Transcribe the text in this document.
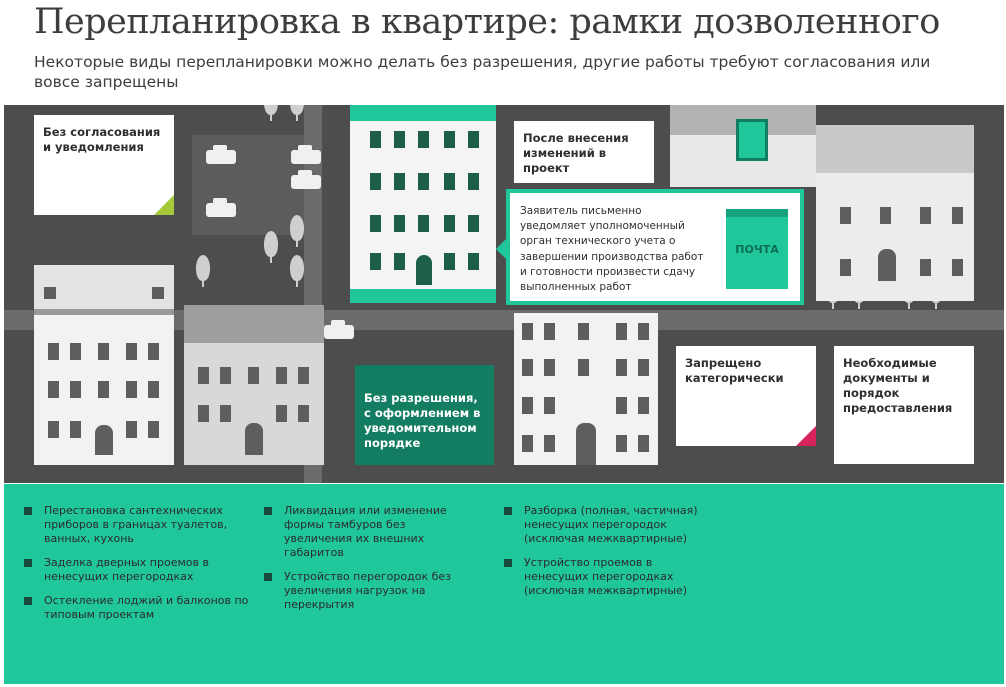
Перепланировка в квартире: рамки дозволенного
Некоторые виды перепланировки можно делать без разрешения, другие работы требуют согласования или вовсе запрещены
Без согласования и уведомления
После внесения изменений в проект
Без разрешения, с оформлением в уведомительном порядке
Запрещено категорически
Необходимые документы и порядок предоставления
Заявитель письменно уведомляет уполномоченный орган технического учета о завершении производства работ и готовности произвести сдачу выполненных работ
ПОЧТА
Перестановка сантехнических приборов в границах туалетов, ванных, кухонь
Заделка дверных проемов в ненесущих перегородках
Остекление лоджий и балконов по типовым проектам
Ликвидация или изменение формы тамбуров без увеличения их внешних габаритов
Устройство перегородок без увеличения нагрузок на перекрытия
Разборка (полная, частичная) ненесущих перегородок (исключая межквартирные)
Устройство проемов в ненесущих перегородках (исключая межквартирные)
